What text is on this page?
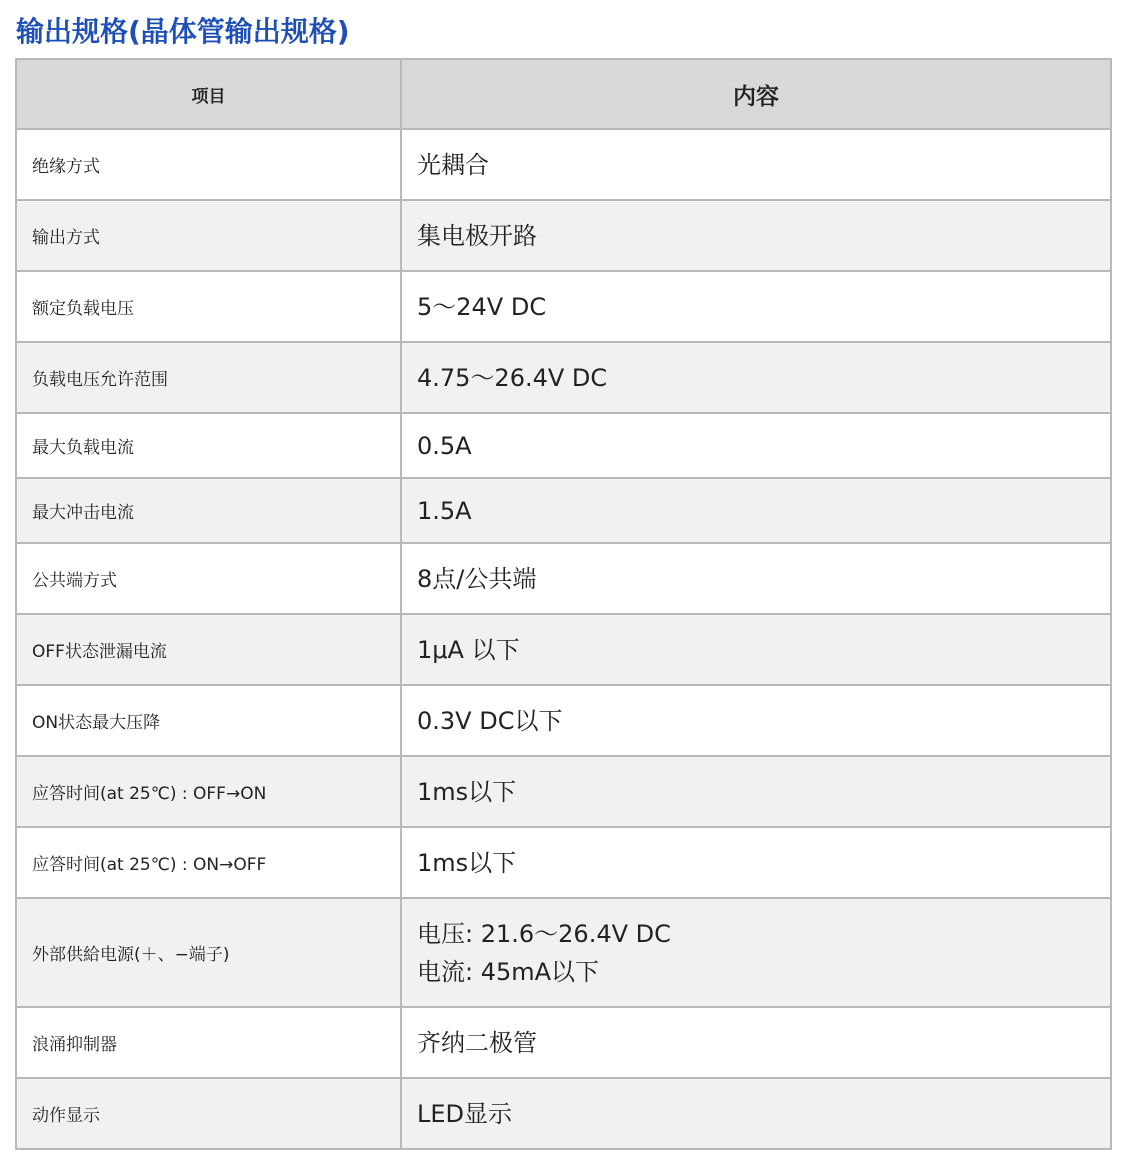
输出规格(晶体管输出规格)
项目	内容
绝缘方式	光耦合
输出方式	集电极开路
额定负载电压	5～24V DC
负载电压允许范围	4.75～26.4V DC
最大负载电流	0.5A
最大冲击电流	1.5A
公共端方式	8点/公共端
OFF状态泄漏电流	1μA 以下
ON状态最大压降	0.3V DC以下
应答时间(at 25℃) : OFF→ON	1ms以下
应答时间(at 25℃) : ON→OFF	1ms以下
外部供給电源(＋、−端子)	电压: 21.6～26.4V DC
电流: 45mA以下

浪涌抑制器	齐纳二极管
动作显示	LED显示
